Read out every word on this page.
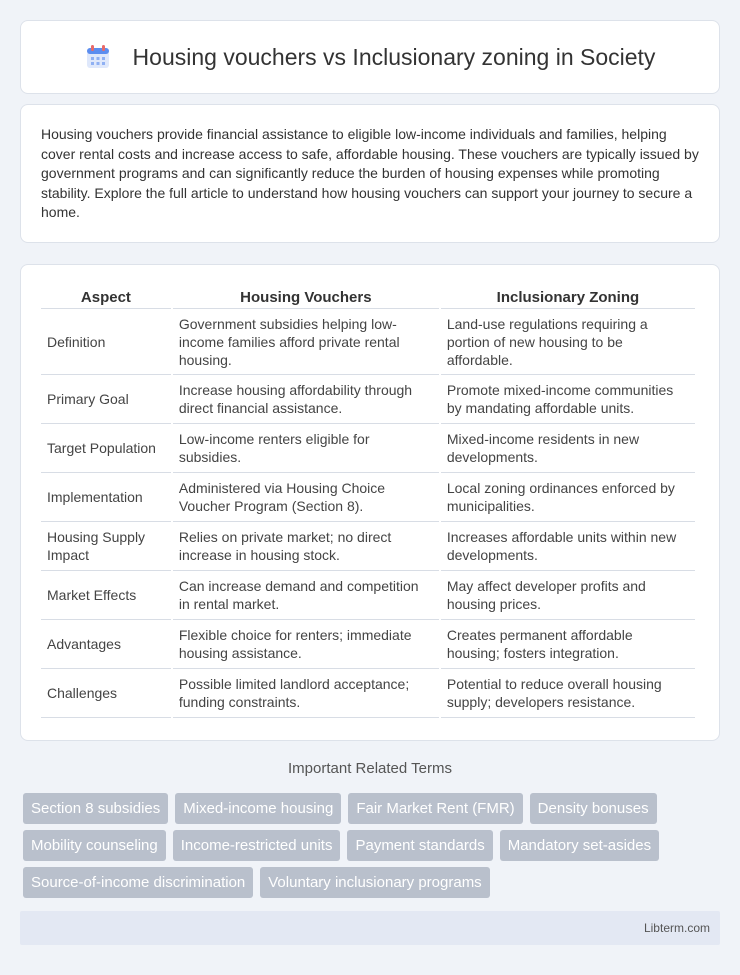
Housing vouchers vs Inclusionary zoning in Society

Housing vouchers provide financial assistance to eligible low-income individuals and families, helping cover rental costs and increase access to safe, affordable housing. These vouchers are typically issued by government programs and can significantly reduce the burden of housing expenses while promoting stability. Explore the full article to understand how housing vouchers can support your journey to secure a home.

Aspect	Housing Vouchers	Inclusionary Zoning
Definition	Government subsidies helping low-income families afford private rental housing.	Land-use regulations requiring a portion of new housing to be affordable.
Primary Goal	Increase housing affordability through direct financial assistance.	Promote mixed-income communities by mandating affordable units.
Target Population	Low-income renters eligible for subsidies.	Mixed-income residents in new developments.
Implementation	Administered via Housing Choice Voucher Program (Section 8).	Local zoning ordinances enforced by municipalities.
Housing Supply Impact	Relies on private market; no direct increase in housing stock.	Increases affordable units within new developments.
Market Effects	Can increase demand and competition in rental market.	May affect developer profits and housing prices.
Advantages	Flexible choice for renters; immediate housing assistance.	Creates permanent affordable housing; fosters integration.
Challenges	Possible limited landlord acceptance; funding constraints.	Potential to reduce overall housing supply; developers resistance.
Important Related Terms
Section 8 subsidies	Mixed-income housing	Fair Market Rent (FMR)	Density bonuses
Mobility counseling	Income-restricted units	Payment standards	Mandatory set-asides
Source-of-income discrimination	Voluntary inclusionary programs
Libterm.com
